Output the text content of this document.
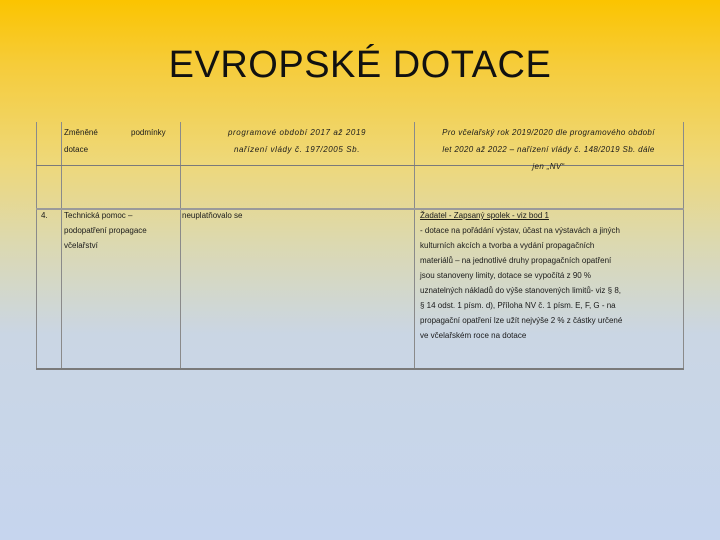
EVROPSKÉ DOTACE
Změněné	podmínky
dotace
programové období 2017 až 2019
nařízení vlády č. 197/2005 Sb.
Pro včelařský rok 2019/2020 dle programového období
let 2020 až 2022 – nařízení vlády č. 148/2019 Sb. dále
jen „NV“
4. Technická pomoc –
podopatření propagace
včelařství
neuplatňovalo se	Žadatel - Zapsaný spolek - viz bod 1
- dotace na pořádání výstav, účast na výstavách a jiných
kulturních akcích a tvorba a vydání propagačních
materiálů – na jednotlivé druhy propagačních opatření
jsou stanoveny limity, dotace se vypočítá z 90 %
uznatelných nákladů do výše stanovených limitů- viz § 8,
§ 14 odst. 1 písm. d), Příloha NV č. 1 písm. E, F, G - na
propagační opatření lze užít nejvýše 2 % z částky určené
ve včelařském roce na dotace
